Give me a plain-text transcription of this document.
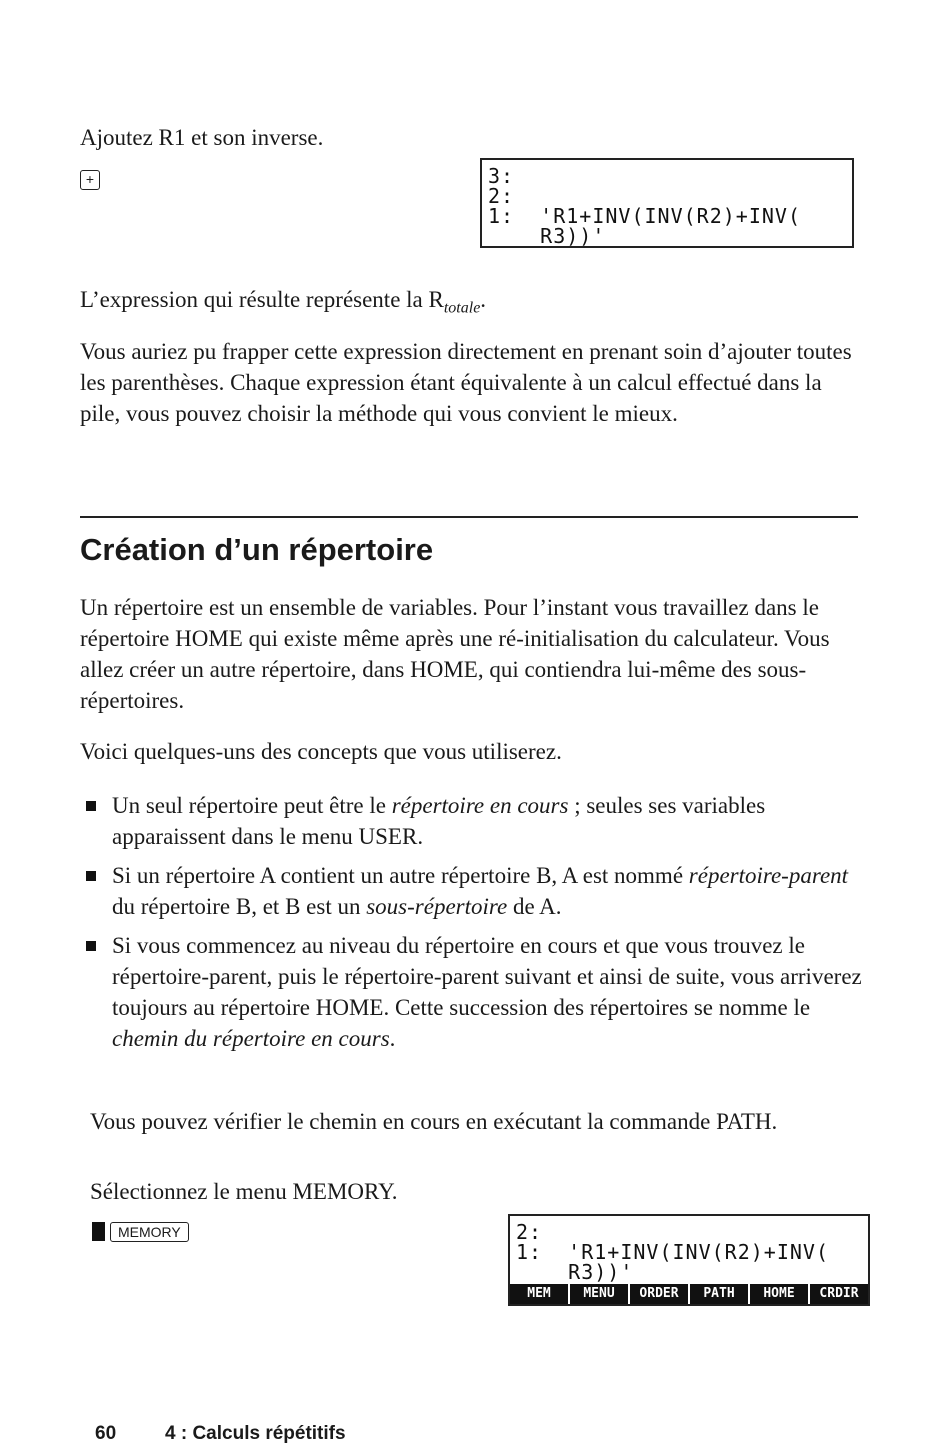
Ajoutez R1 et son inverse.

+	3:
2:
1:  'R1+INV(INV(R2)+INV(
R3))'

L’expression qui résulte représente la $R_{totale}$.

Vous auriez pu frapper cette expression directement en prenant soin d’ajouter toutes les parenthèses. Chaque expression étant équivalente à un calcul effectué dans la pile, vous pouvez choisir la méthode qui vous convient le mieux.

Création d’un répertoire

Un répertoire est un ensemble de variables. Pour l’instant vous travaillez dans le répertoire HOME qui existe même après une ré-initialisation du calculateur. Vous allez créer un autre répertoire, dans HOME, qui contiendra lui-même des sous-répertoires.

Voici quelques-uns des concepts que vous utiliserez.

Un seul répertoire peut être le répertoire en cours ; seules ses variables apparaissent dans le menu USER.
Si un répertoire A contient un autre répertoire B, A est nommé répertoire-parent du répertoire B, et B est un sous-répertoire de A.
Si vous commencez au niveau du répertoire en cours et que vous trouvez le répertoire-parent, puis le répertoire-parent suivant et ainsi de suite, vous arriverez toujours au répertoire HOME. Cette succession des répertoires se nomme le chemin du répertoire en cours.

Vous pouvez vérifier le chemin en cours en exécutant la commande PATH.

Sélectionnez le menu MEMORY.

MEMORY	2:
1:  'R1+INV(INV(R2)+INV(
R3))'
MEM	MENU	ORDER	PATH	HOME	CRDIR
60	4 : Calculs répétitifs
